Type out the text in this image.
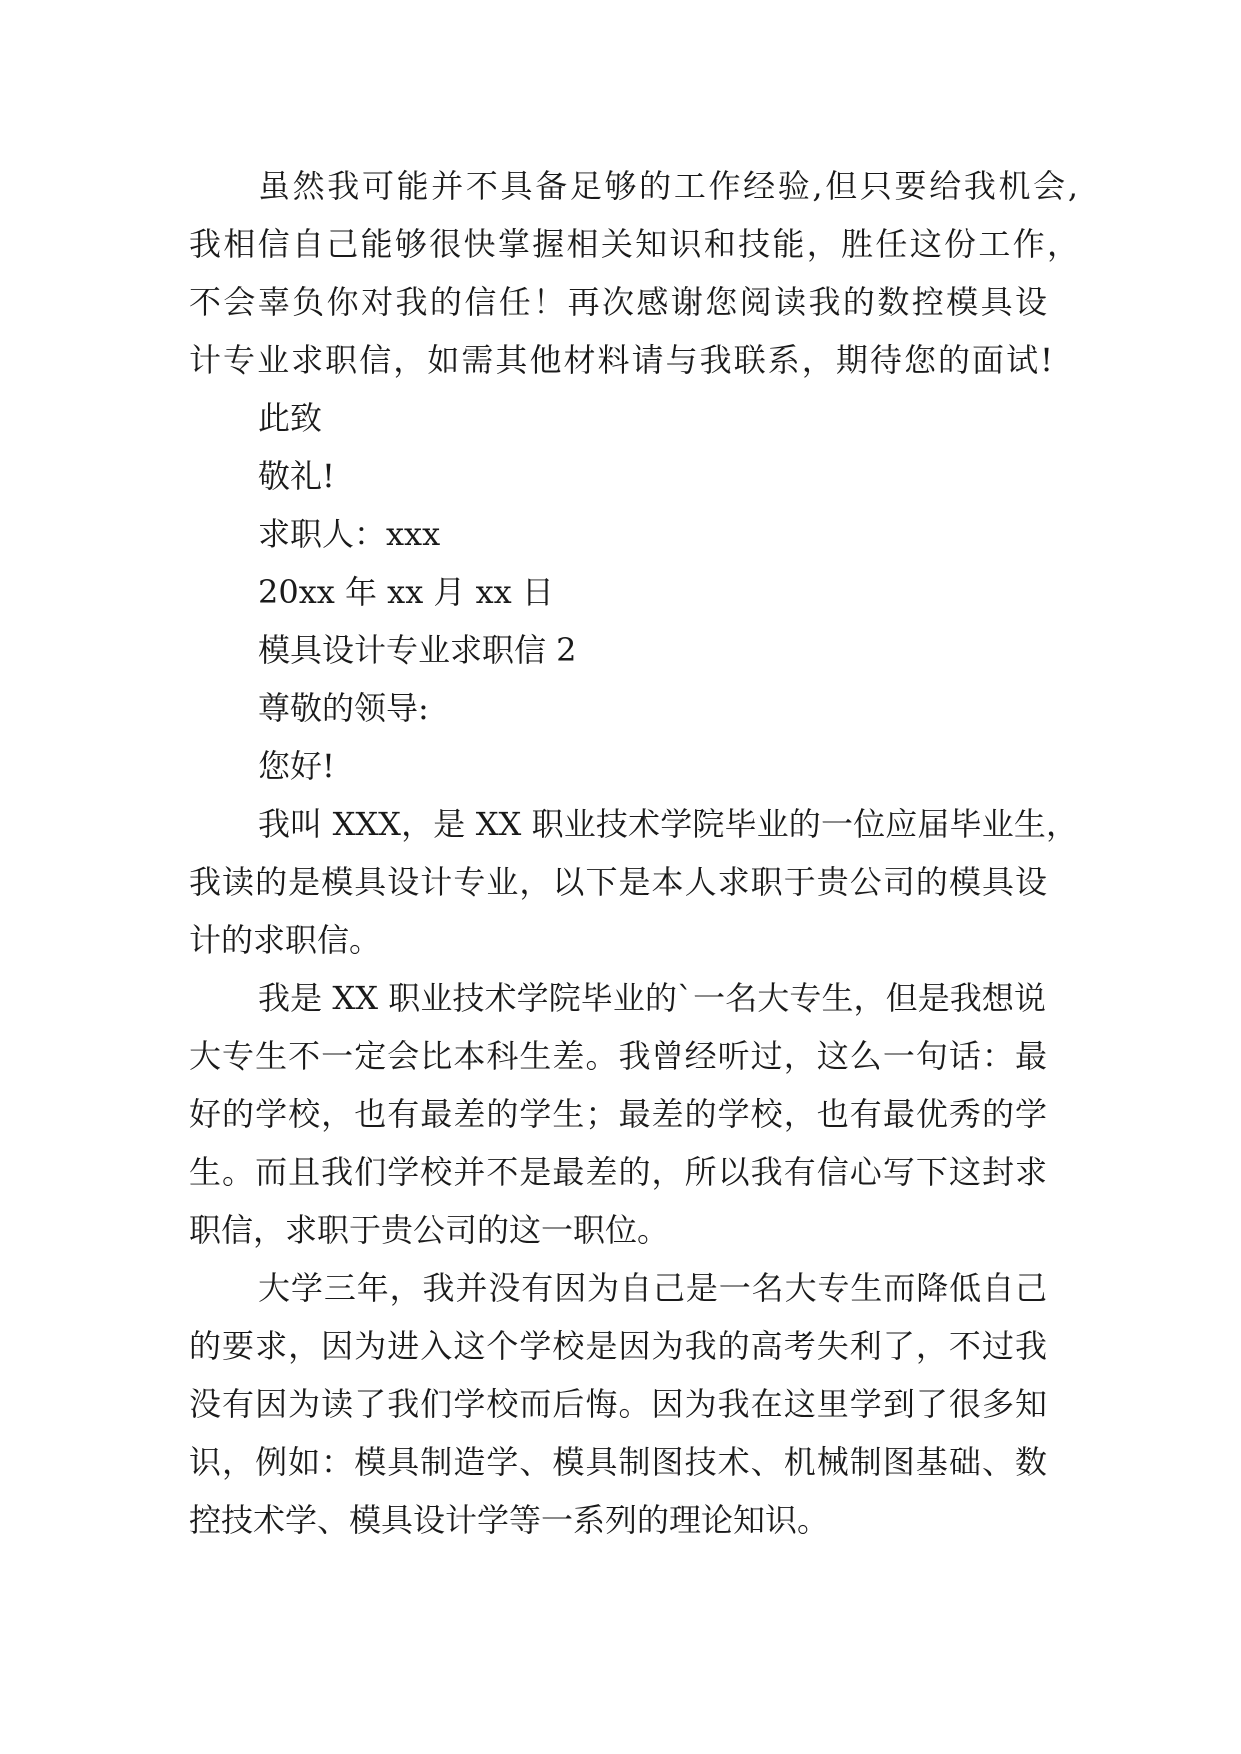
虽然我可能并不具备足够的工作经验,但只要给我机会,

我相信自己能够很快掌握相关知识和技能，胜任这份工作，

不会辜负你对我的信任！再次感谢您阅读我的数控模具设

计专业求职信，如需其他材料请与我联系，期待您的面试!

此致

敬礼!

求职人：xxx

20xx 年 xx 月 xx 日

模具设计专业求职信 2

尊敬的领导:

您好!

我叫 XXX，是 XX 职业技术学院毕业的一位应届毕业生，

我读的是模具设计专业，以下是本人求职于贵公司的模具设

计的求职信。

我是 XX 职业技术学院毕业的`一名大专生，但是我想说

大专生不一定会比本科生差。我曾经听过，这么一句话：最

好的学校，也有最差的学生；最差的学校，也有最优秀的学

生。而且我们学校并不是最差的，所以我有信心写下这封求

职信，求职于贵公司的这一职位。

大学三年，我并没有因为自己是一名大专生而降低自己

的要求，因为进入这个学校是因为我的高考失利了，不过我

没有因为读了我们学校而后悔。因为我在这里学到了很多知

识，例如：模具制造学、模具制图技术、机械制图基础、数

控技术学、模具设计学等一系列的理论知识。
